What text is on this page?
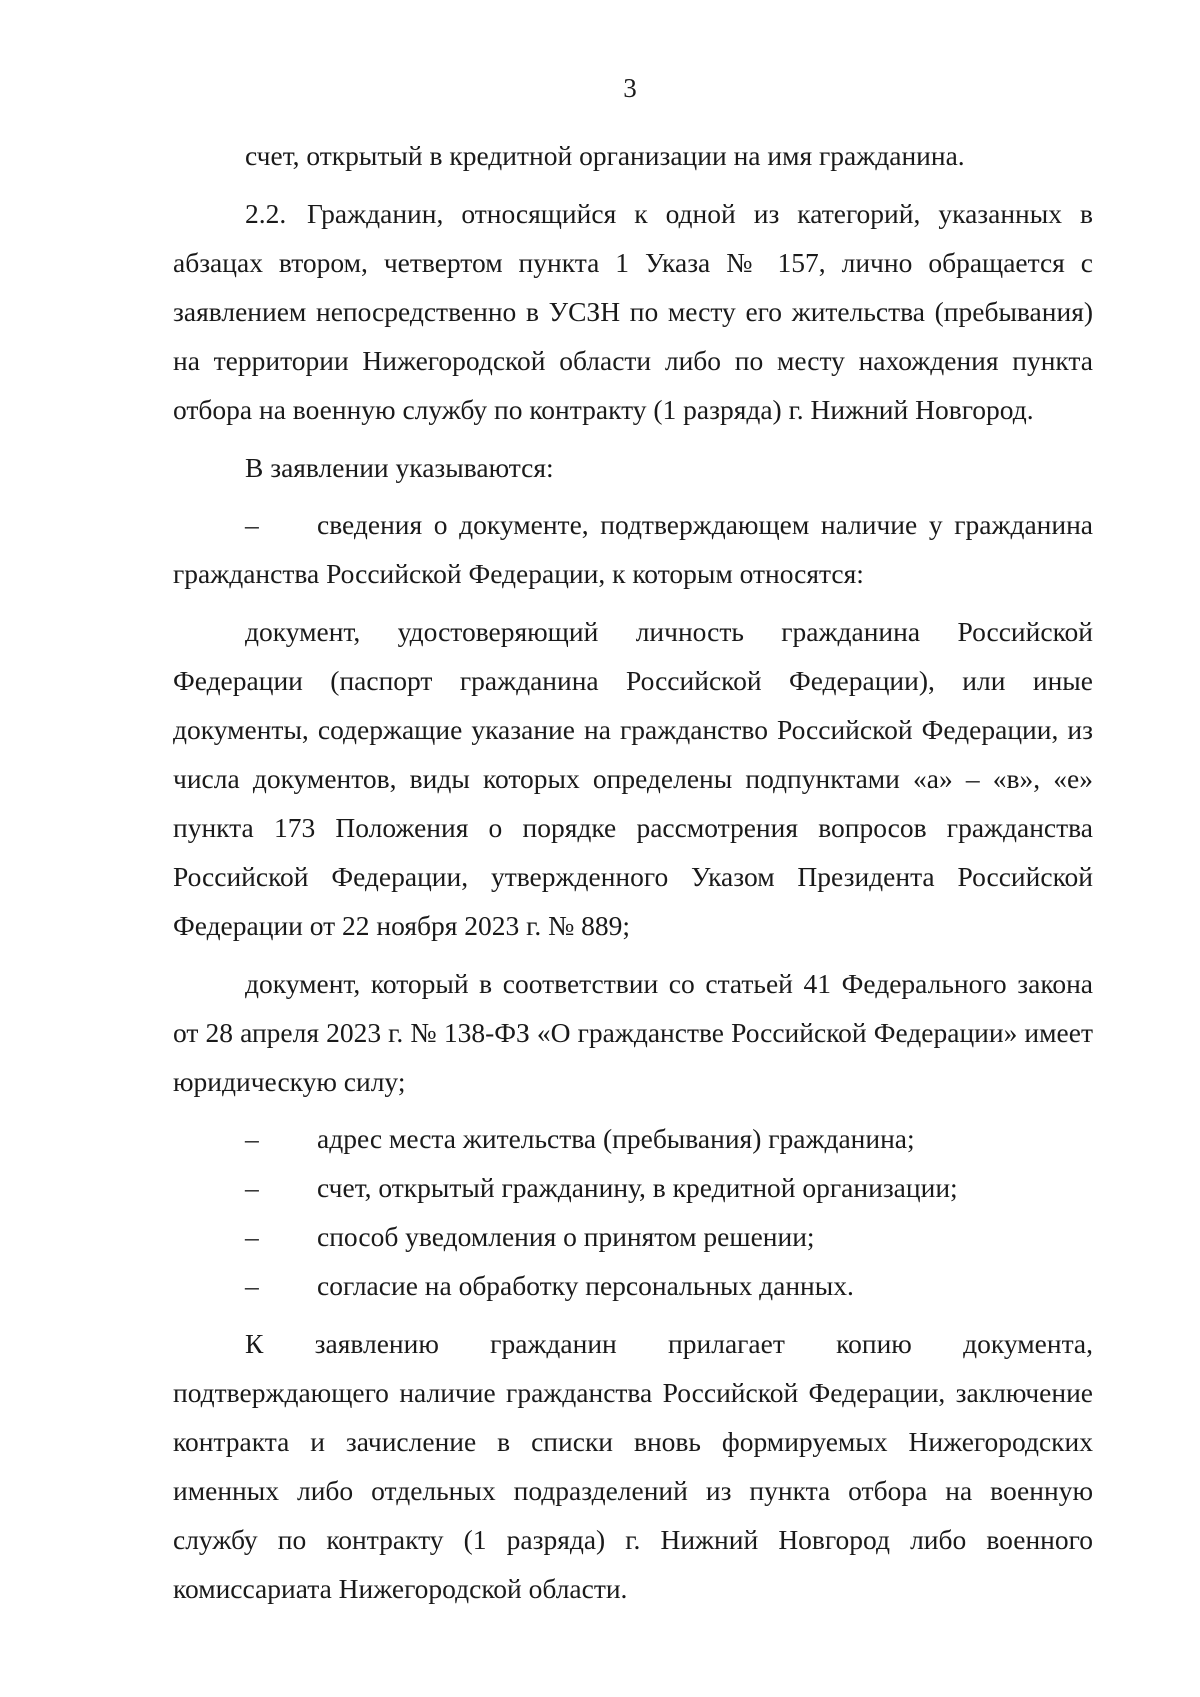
3

счет, открытый в кредитной организации на имя гражданина.

2.2. Гражданин, относящийся к одной из категорий, указанных в абзацах втором, четвертом пункта 1 Указа № 157, лично обращается с заявлением непосредственно в УСЗН по месту его жительства (пребывания) на территории Нижегородской области либо по месту нахождения пункта отбора на военную службу по контракту (1 разряда) г. Нижний Новгород.

В заявлении указываются:

– сведения о документе, подтверждающем наличие у гражданина гражданства Российской Федерации, к которым относятся:

документ, удостоверяющий личность гражданина Российской Федерации (паспорт гражданина Российской Федерации), или иные документы, содержащие указание на гражданство Российской Федерации, из числа документов, виды которых определены подпунктами «а» – «в», «е» пункта 173 Положения о порядке рассмотрения вопросов гражданства Российской Федерации, утвержденного Указом Президента Российской Федерации от 22 ноября 2023 г. № 889;

документ, который в соответствии со статьей 41 Федерального закона от 28 апреля 2023 г. № 138-ФЗ «О гражданстве Российской Федерации» имеет юридическую силу;

– адрес места жительства (пребывания) гражданина;

– счет, открытый гражданину, в кредитной организации;

– способ уведомления о принятом решении;

– согласие на обработку персональных данных.

К заявлению гражданин прилагает копию документа, подтверждающего наличие гражданства Российской Федерации, заключение контракта и зачисление в списки вновь формируемых Нижегородских именных либо отдельных подразделений из пункта отбора на военную службу по контракту (1 разряда) г. Нижний Новгород либо военного комиссариата Нижегородской области.
